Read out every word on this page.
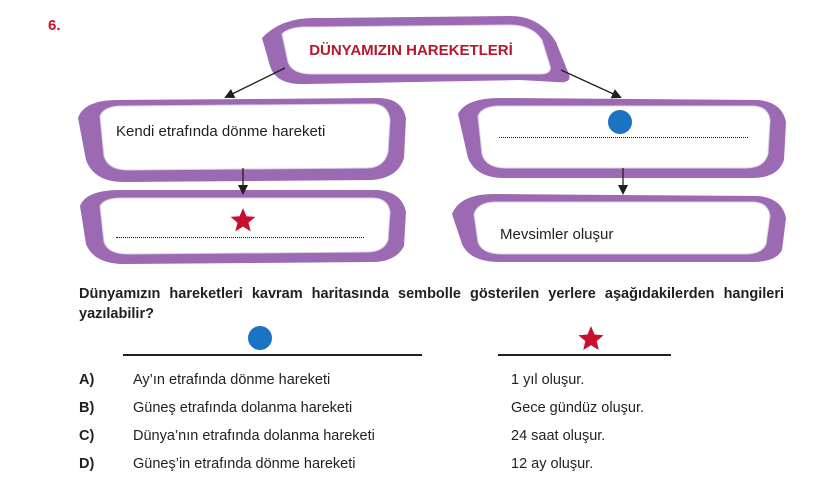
6.
DÜNYAMIZIN HAREKETLERİ
Kendi etrafında dönme hareketi
Mevsimler oluşur
Dünyamızın hareketleri kavram haritasında sembolle gösterilen yerlere aşağıdakilerden hangileri yazılabilir?
A)	Ay’ın etrafında dönme hareketi	1 yıl oluşur.
B)	Güneş etrafında dolanma hareketi	Gece gündüz oluşur.
C)	Dünya’nın etrafında dolanma hareketi	24 saat oluşur.
D)	Güneş’in etrafında dönme hareketi	12 ay oluşur.
